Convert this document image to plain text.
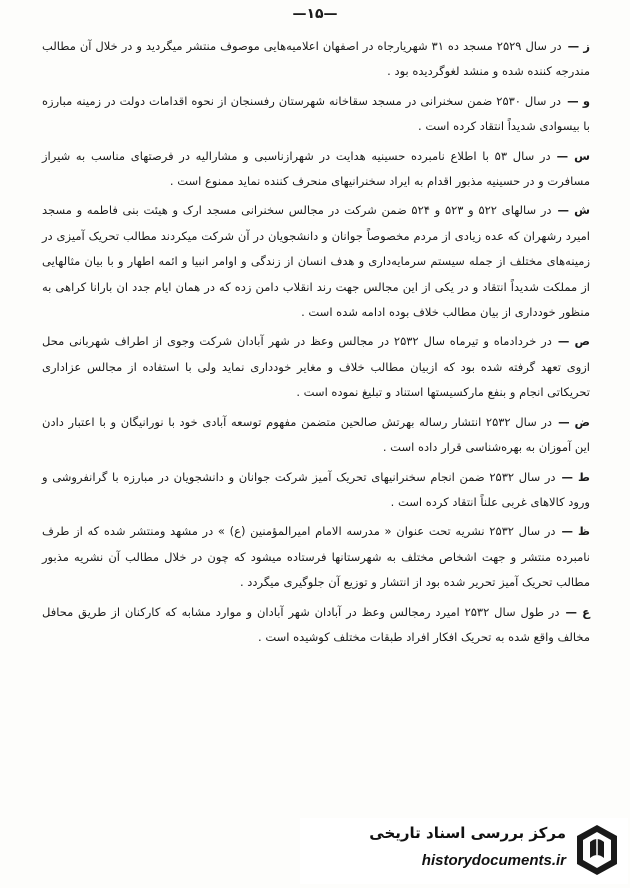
—۱۵—

ز —در سال ۲۵۲۹ مسجد ده ۳۱ شهریارجاه در اصفهان اعلامیه‌هایی موصوف منتشر میگردید و در خلال آن مطالب مندرجه کننده شده و منشد لغوگردیده بود .

و —در سال ۲۵۳۰ ضمن سخنرانی در مسجد سقاخانه شهرستان رفسنجان از نحوه اقدامات دولت در زمینه مبارزه با بیسوادی شدیداً انتقاد کرده است .

س —در سال ۵۳ با اطلاع نامبرده حسینیه هدایت در شهرازناسبی و مشارالیه در فرصتهای مناسب به شیراز مسافرت و در حسینیه مذبور اقدام به ایراد سخنرانیهای منحرف کننده نماید ممنوع است .

ش —در سالهای ۵۲۲ و ۵۲۳ و ۵۲۴ ضمن شرکت در مجالس سخنرانی مسجد ارک و هیئت بنی فاطمه و مسجد امیرد رشهران که عده زیادی از مردم مخصوصاً جوانان و دانشجویان در آن شرکت میکردند مطالب تحریک آمیزی در زمینه‌های مختلف از جمله سیستم سرمایه‌داری و هدف انسان از زندگی و اوامر انبیا و ائمه اطهار و با بیان مثالهایی از مملکت شدیداً انتقاد و در یکی از این مجالس جهت رند انقلاب دامن زده که در همان ایام جدد ان بارانا کراهی به منظور خودداری از بیان مطالب خلاف بوده ادامه شده است .

ص —در خردادماه و تیرماه سال ۲۵۳۲ در مجالس وعظ در شهر آبادان شرکت وجوی از اطراف شهربانی محل ازوی تعهد گرفته شده بود که ازبیان مطالب خلاف و مغایر خودداری نماید ولی با استفاده از مجالس عزاداری تحریکاتی انجام و بنفع مارکسیستها استناد و تبلیغ نموده است .

ض —در سال ۲۵۳۲ انتشار رساله بهرتش صالحین متضمن مفهوم توسعه آبادی خود با نورانیگان و با اعتبار دادن این آموزان به بهره‌شناسی قرار داده است .

ط —در سال ۲۵۳۲ ضمن انجام سخنرانیهای تحریک آمیز شرکت جوانان و دانشجویان در مبارزه با گرانفروشی و ورود کالاهای غربی علناً انتقاد کرده است .

ظ —در سال ۲۵۳۲ نشریه تحت عنوان « مدرسه الامام امیرالمؤمنین (ع) » در مشهد ومنتشر شده که از طرف نامبرده منتشر و جهت اشخاص مختلف به شهرستانها فرستاده میشود که چون در خلال مطالب آن نشریه مذبور مطالب تحریک آمیز تحریر شده بود از انتشار و توزیع آن جلوگیری میگردد .

ع —در طول سال ۲۵۳۲ امیرد رمجالس وعظ در آبادان شهر آبادان و موارد مشابه که کارکنان از طریق محافل مخالف واقع شده به تحریک افکار افراد طبقات مختلف کوشیده است .

مرکز بررسی اسناد تاریخی
historydocuments.ir
